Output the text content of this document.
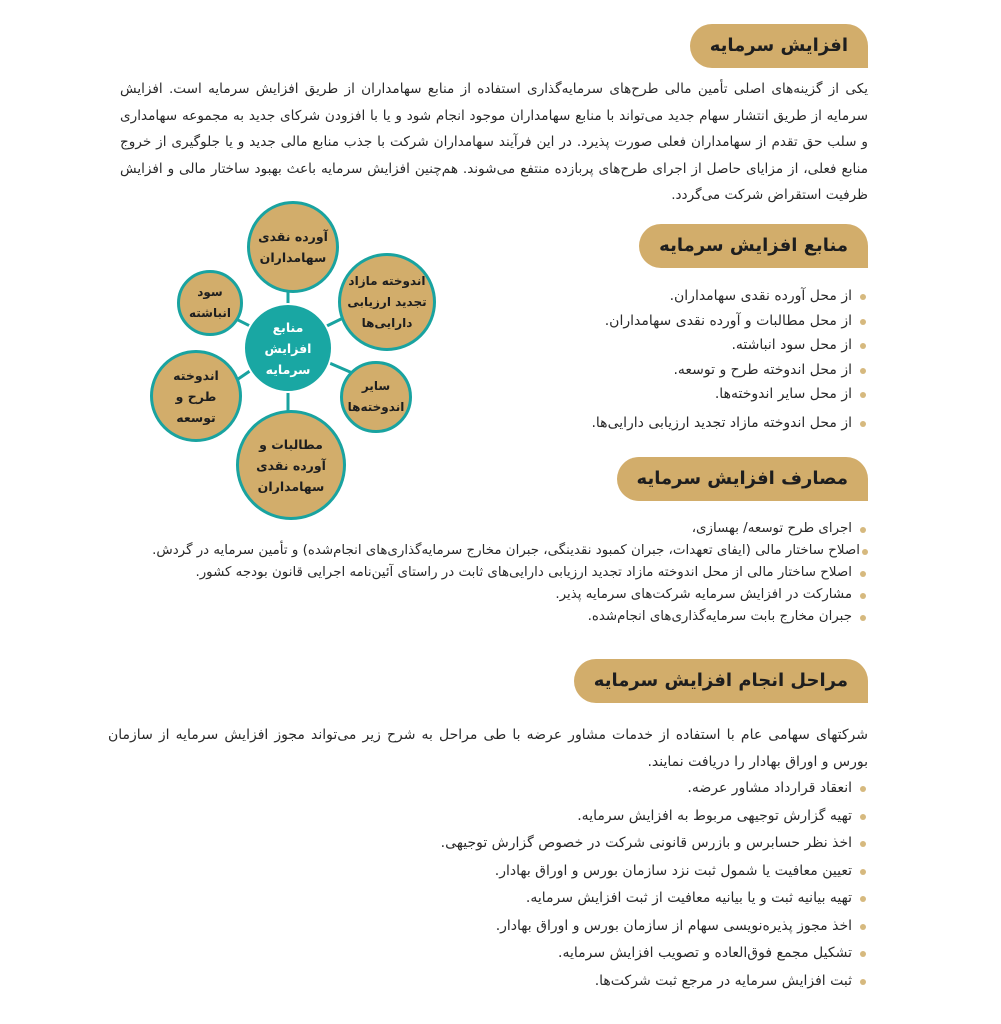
افزایش سرمایه

یکی از گزینه‌های اصلی تأمین مالی طرح‌های سرمایه‌گذاری استفاده از منابع سهامداران از طریق افزایش سرمایه است. افزایش سرمایه از طریق انتشار سهام جدید می‌تواند با منابع سهامداران موجود انجام شود و یا با افزودن شرکای جدید به مجموعه سهامداری و سلب حق تقدم از سهامداران فعلی صورت پذیرد. در این فرآیند سهامداران شرکت با جذب منابع مالی جدید و یا جلوگیری از خروج منابع فعلی، از مزایای حاصل از اجرای طرح‌های پربازده منتفع می‌شوند. هم‌چنین افزایش سرمایه باعث بهبود ساختار مالی و افزایش ظرفیت استقراض شرکت می‌گردد.

آورده نقدی سهامداران
اندوخته مازاد تجدید ارزیابی دارایی‌ها
سایر اندوخته‌ها
مطالبات و آورده نقدی سهامداران
اندوخته طرح و توسعه
سود انباشته
منابع افزایش سرمایه
منابع افزایش سرمایه
از محل آورده نقدی سهامداران.
از محل مطالبات و آورده نقدی سهامداران.
از محل سود انباشته.
از محل اندوخته طرح و توسعه.
از محل سایر اندوخته‌ها.
از محل اندوخته مازاد تجدید ارزیابی دارایی‌ها.
مصارف افزایش سرمایه
اجرای طرح توسعه/ بهسازی،
اصلاح ساختار مالی (ایفای تعهدات، جبران کمبود نقدینگی، جبران مخارج سرمایه‌گذاری‌های انجام‌شده) و تأمین سرمایه در گردش.
اصلاح ساختار مالی از محل اندوخته مازاد تجدید ارزیابی دارایی‌های ثابت در راستای آئین‌نامه اجرایی قانون بودجه کشور.
مشارکت در افزایش سرمایه شرکت‌های سرمایه پذیر.
جبران مخارج بابت سرمایه‌گذاری‌های انجام‌شده.
مراحل انجام افزایش سرمایه

شرکتهای سهامی عام با استفاده از خدمات مشاور عرضه با طی مراحل به شرح زیر می‌تواند مجوز افزایش سرمایه از سازمان بورس و اوراق بهادار را دریافت نمایند.

انعقاد قرارداد مشاور عرضه.
تهیه گزارش توجیهی مربوط به افزایش سرمایه.
اخذ نظر حسابرس و بازرس قانونی شرکت در خصوص گزارش توجیهی.
تعیین معافیت یا شمول ثبت نزد سازمان بورس و اوراق بهادار.
تهیه بیانیه ثبت و یا بیانیه معافیت از ثبت افزایش سرمایه.
اخذ مجوز پذیره‌نویسی سهام از سازمان بورس و اوراق بهادار.
تشکیل مجمع فوق‌العاده و تصویب افزایش سرمایه.
ثبت افزایش سرمایه در مرجع ثبت شرکت‌ها.
